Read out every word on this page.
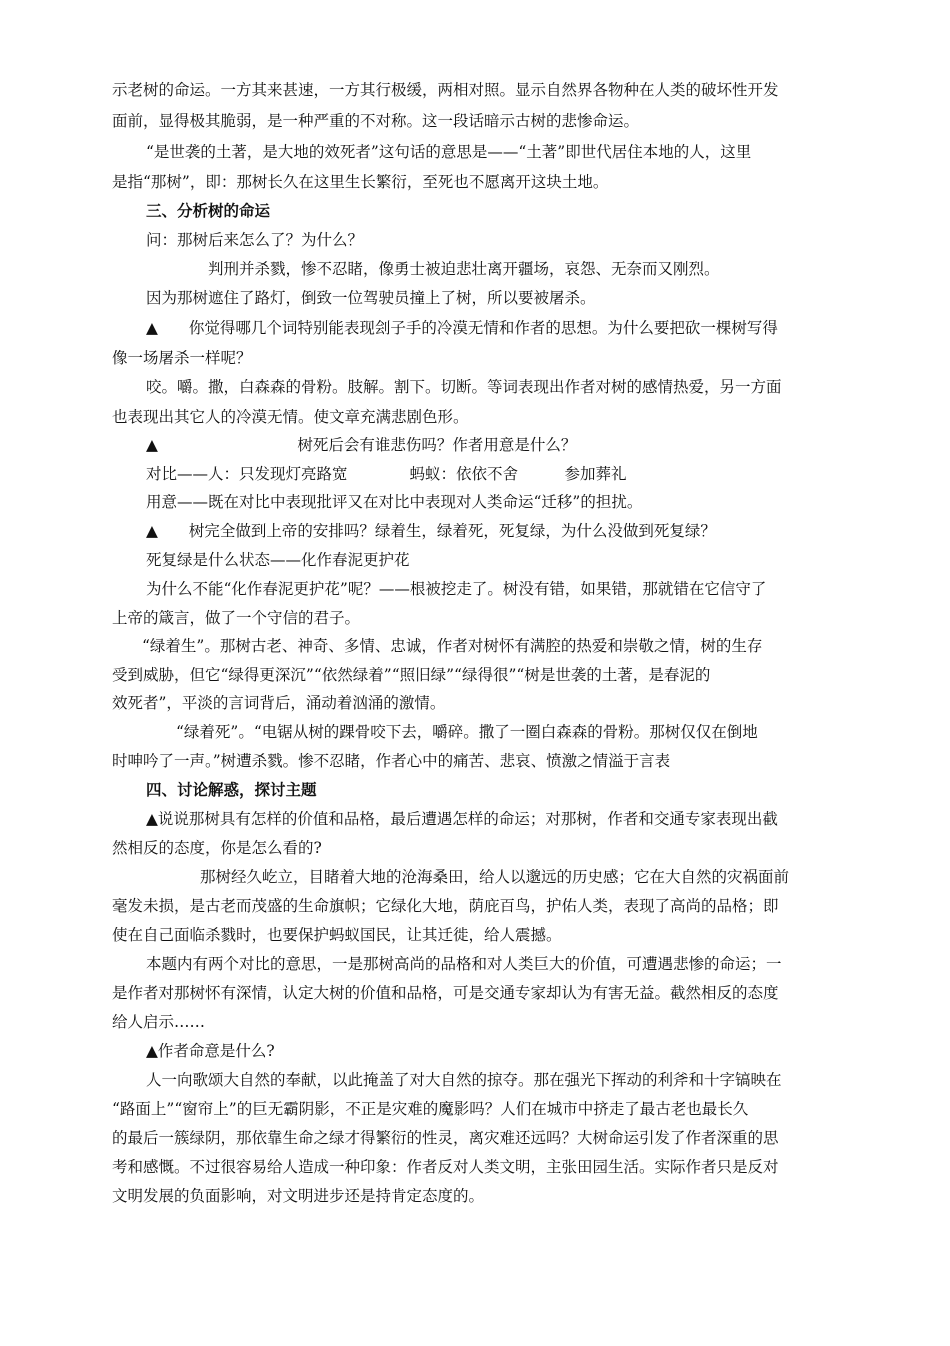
示老树的命运。一方其来甚速，一方其行极缓，两相对照。显示自然界各物种在人类的破坏性开发
面前，显得极其脆弱，是一种严重的不对称。这一段话暗示古树的悲惨命运。
“是世袭的土著，是大地的效死者”这句话的意思是——“土著”即世代居住本地的人，这里
是指“那树”，即：那树长久在这里生长繁衍，至死也不愿离开这块土地。
三、分析树的命运
问：那树后来怎么了？为什么？
判刑并杀戮，惨不忍睹，像勇士被迫悲壮离开疆场，哀怨、无奈而又刚烈。
因为那树遮住了路灯，倒致一位驾驶员撞上了树，所以要被屠杀。
▲　　你觉得哪几个词特别能表现刽子手的冷漠无情和作者的思想。为什么要把砍一棵树写得
像一场屠杀一样呢？
咬。嚼。撒，白森森的骨粉。肢解。割下。切断。等词表现出作者对树的感情热爱，另一方面
也表现出其它人的冷漠无情。使文章充满悲剧色形。
▲　　　　　　　　　树死后会有谁悲伤吗？作者用意是什么？
对比——人：只发现灯亮路宽　　　　蚂蚁：依依不舍　　　参加葬礼
用意——既在对比中表现批评又在对比中表现对人类命运“迁移”的担扰。
▲　　树完全做到上帝的安排吗？绿着生，绿着死，死复绿，为什么没做到死复绿？
死复绿是什么状态——化作春泥更护花
为什么不能“化作春泥更护花”呢？——根被挖走了。树没有错，如果错，那就错在它信守了
上帝的箴言，做了一个守信的君子。
“绿着生”。那树古老、神奇、多情、忠诚，作者对树怀有满腔的热爱和崇敬之情，树的生存
受到威胁，但它“绿得更深沉”“依然绿着”“照旧绿”“绿得很”“树是世袭的土著，是春泥的
效死者”，平淡的言词背后，涌动着汹涌的激情。
“绿着死”。“电锯从树的踝骨咬下去，嚼碎。撒了一圈白森森的骨粉。那树仅仅在倒地
时呻吟了一声。”树遭杀戮。惨不忍睹，作者心中的痛苦、悲哀、愤激之情溢于言表
四、讨论解惑，探讨主题
▲说说那树具有怎样的价值和品格，最后遭遇怎样的命运；对那树，作者和交通专家表现出截
然相反的态度，你是怎么看的?
那树经久屹立，目睹着大地的沧海桑田，给人以邈远的历史感；它在大自然的灾祸面前
毫发未损，是古老而茂盛的生命旗帜；它绿化大地，荫庇百鸟，护佑人类，表现了高尚的品格；即
使在自己面临杀戮时，也要保护蚂蚁国民，让其迁徙，给人震撼。
本题内有两个对比的意思，一是那树高尚的品格和对人类巨大的价值，可遭遇悲惨的命运；一
是作者对那树怀有深情，认定大树的价值和品格，可是交通专家却认为有害无益。截然相反的态度
给人启示……
▲作者命意是什么?
人一向歌颂大自然的奉献，以此掩盖了对大自然的掠夺。那在强光下挥动的利斧和十字镐映在
“路面上”“窗帘上”的巨无霸阴影，不正是灾难的魔影吗？人们在城市中挤走了最古老也最长久
的最后一簇绿阴，那依靠生命之绿才得繁衍的性灵，离灾难还远吗？大树命运引发了作者深重的思
考和感慨。不过很容易给人造成一种印象：作者反对人类文明，主张田园生活。实际作者只是反对
文明发展的负面影响，对文明进步还是持肯定态度的。
